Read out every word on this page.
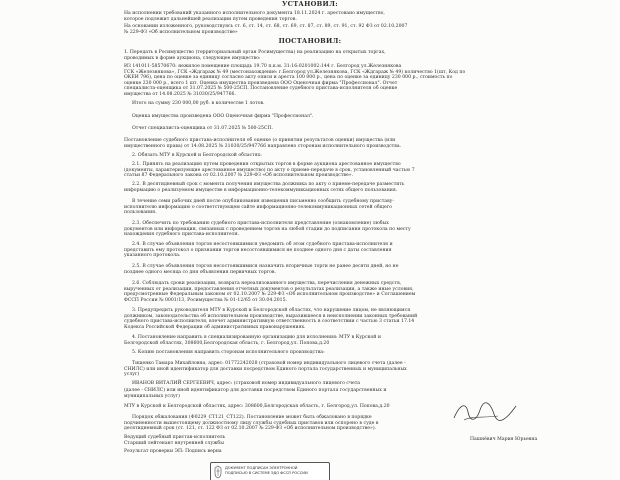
УСТАНОВИЛ:
На исполнении требований указанного исполнительного документа 18.11.2024 г. арестовано имущество,
которое подлежит дальнейшей реализации путем проведения торгов.
На основании изложенного, руководствуясь ст. 6, ст. 14, ст. 68, ст. 69, ст. 87, ст. 89, ст. 91, ст. 92 ФЗ от 02.10.2007
№ 229-ФЗ «Об исполнительном производстве»
ПОСТАНОВИЛ:
1. Передать в Росимущество (территориальный орган Росимущества) на реализацию на открытых торгах,
проводимых в форме аукциона, следующее имущество:
ИЗ 141011-58570670: нежилое помещение площадь 19.70 п.к.м. 31:16:0201002:144 г. Белгород ул.Железнякова
ГСК «Железнякова», ГСК «Ждгараж № 49 (местонахождение: г.Белгород ул.Железнякова, ГСК «Ждгараж № 49) количество 1(шт, Код по
ОКЕИ 796), цена по оценке за единицу согласно акту описи и ареста 100 000 р., цена по оценке за единицу 230 000 р., стоимость по
оценке 230 000 р., всего 1 шт. Оценка имущества произведена ООО Оценочная фирма "Профессионал". Отчет
специалиста-оценщика от 31.07.2025 № 500-25СП. Постановление судебного пристава-исполнителя об оценке
имущества от 14.08.2025 № 31030/25/947766.
Итого на сумму 230 000,00 руб. в количестве 1 лотов.
Оценка имущества произведена ООО Оценочная фирма "Профессионал".
Отчет специалиста-оценщика от 31.07.2025 № 500-25СП.
Постановление судебного пристава-исполнителя об оценке (о принятии результатов оценки) имущества (или
имущественного права) от 14.08.2025 № 31030/25/947766 направлено сторонам исполнительного производства.
2. Обязать МТУ в Курской и Белгородской областях:
2.1. Принять на реализацию путем проведения открытых торгов в форме аукциона арестованное имущество
(документы, характеризующие арестованное имущество) по акту о приеме-передаче в срок, установленный частью 7
статьи 87 Федерального закона от 02.10.2007 № 229-ФЗ «Об исполнительном производстве».
2.2. В десятидневный срок с момента получения имущества должника по акту о приеме-передаче разместить
информацию о реализуемом имуществе в информационно-телекоммуникационных сетях общего пользования.
В течение семи рабочих дней после опубликования извещения письменно сообщить судебному приставу-
исполнителю информацию о соответствующем сайте информационно-телекоммуникационных сетей общего
пользования.
2.3. Обеспечить по требованию судебного пристава-исполнителя представление (ознакомление) любых
документов или информации, связанных с проведением торгов на любой стадии до подписания протокола по месту
нахождения судебного пристава-исполнителя.
2.4. В случае объявления торгов несостоявшимися уведомить об этом судебного пристава-исполнителя и
представить ему протокол о признании торгов несостоявшимися не позднее одного дня с даты составления
указанного протокола.
2.5. В случае объявления торгов несостоявшимися назначить вторичные торги не ранее десяти дней, но не
позднее одного месяца со дня объявления первичных торгов.
2.6. Соблюдать сроки реализации, возврата нереализованного имущества, перечисления денежных средств,
вырученных от реализации, предоставления отчетных документов о результатах реализации, а также иные условия,
предусмотренные Федеральным законом от 02.10.2007 № 229-ФЗ «Об исполнительном производстве» и Соглашением
ФССП России № 0001/13, Росимущества № 01-12/65 от 30.04.2015.
3. Предупредить руководителя МТУ в Курской и Белгородской областях, что нарушение лицом, не являющимся
должником, законодательства об исполнительном производстве, выразившееся в неисполнении законных требований
судебного пристава-исполнителя, влечет административную ответственность в соответствии с частью 3 статьи 17.14
Кодекса Российской Федерации об административных правонарушениях.
4. Постановление направить в специализированную организацию для исполнения: МТУ в Курской и
Белгородской областях, 308600,Белгородская область, г. Белгород,ул. Попова,д.20
5. Копию постановления направить сторонам исполнительного производства:
Тищенко Тамара Михайловна, адрес: 01772242028 (страховой номер индивидуального лицевого счета (далее -
СНИЛС) или иной идентификатор для доставки посредством Единого портала государственных и муниципальных
услуг)
ИВАНОВ ВИТАЛИЙ СЕРГЕЕВИЧ, адрес: (страховой номер индивидуального лицевого счета
(далее - СНИЛС) или иной идентификатор для доставки посредством Единого портала государственных и
муниципальных услуг)
МТУ в Курской и Белгородской областях, адрес: 308600,Белгородская область, г. Белгород,ул. Попова,д.20
Порядок обжалования (Ф0229_СТ121_СТ122). Постановление может быть обжаловано в порядке
подчиненности вышестоящему должностному лицу службы судебных приставов или оспорено в суде в
десятидневный срок (ст. 121, ст. 122 ФЗ от 02.10.2007 № 229-ФЗ «Об исполнительном производстве»).
Ведущий судебный пристав-исполнитель
Старший лейтенант внутренней службы
Пашнёвич Мария Юрьевна
Результат проверки ЭП: Подпись верна
ДОКУМЕНТ ПОДПИСАН ЭЛЕКТРОННОЙ
ПОДПИСЬЮ В СИСТЕМЕ ЭДО ФССП РОССИИ
